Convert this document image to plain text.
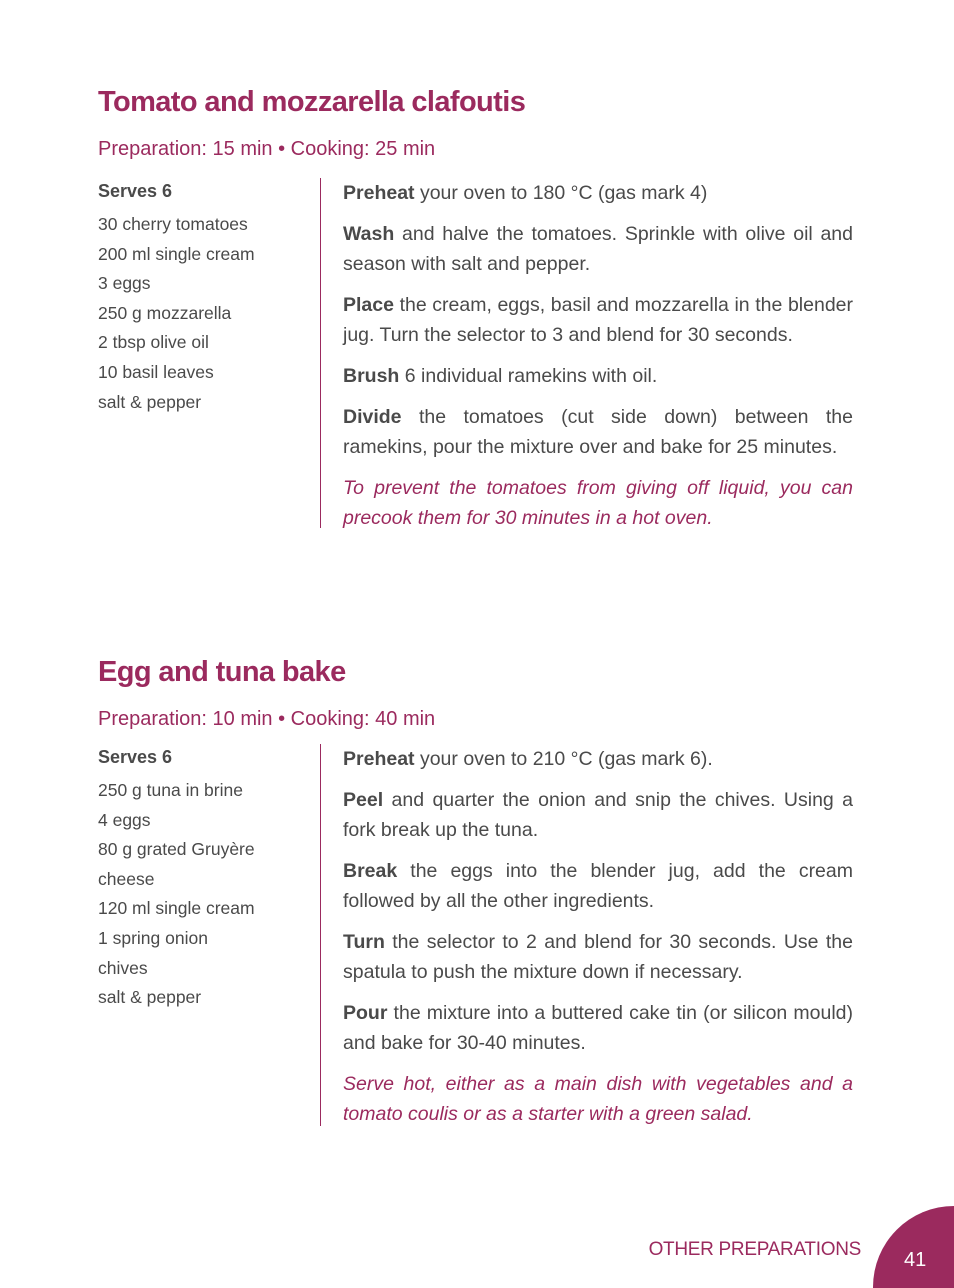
Tomato and mozzarella clafoutis
Preparation: 15 min • Cooking: 25 min
Serves 6
30 cherry tomatoes
200 ml single cream
3 eggs
250 g mozzarella
2 tbsp olive oil
10 basil leaves
salt & pepper

Preheat your oven to 180 °C (gas mark 4)

Wash and halve the tomatoes. Sprinkle with olive oil and season with salt and pepper.

Place the cream, eggs, basil and mozzarella in the blender jug. Turn the selector to 3 and blend for 30 seconds.

Brush 6 individual ramekins with oil.

Divide the tomatoes (cut side down) between the ramekins, pour the mixture over and bake for 25 minutes.

To prevent the tomatoes from giving off liquid, you can precook them for 30 minutes in a hot oven.

Egg and tuna bake
Preparation: 10 min • Cooking: 40 min
Serves 6
250 g tuna in brine
4 eggs
80 g grated Gruyère
cheese
120 ml single cream
1 spring onion
chives
salt & pepper

Preheat your oven to 210 °C (gas mark 6).

Peel and quarter the onion and snip the chives. Using a fork break up the tuna.

Break the eggs into the blender jug, add the cream followed by all the other ingredients.

Turn the selector to 2 and blend for 30 seconds. Use the spatula to push the mixture down if necessary.

Pour the mixture into a buttered cake tin (or silicon mould) and bake for 30-40 minutes.

Serve hot, either as a main dish with vegetables and a tomato coulis or as a starter with a green salad.

OTHER PREPARATIONS 41
